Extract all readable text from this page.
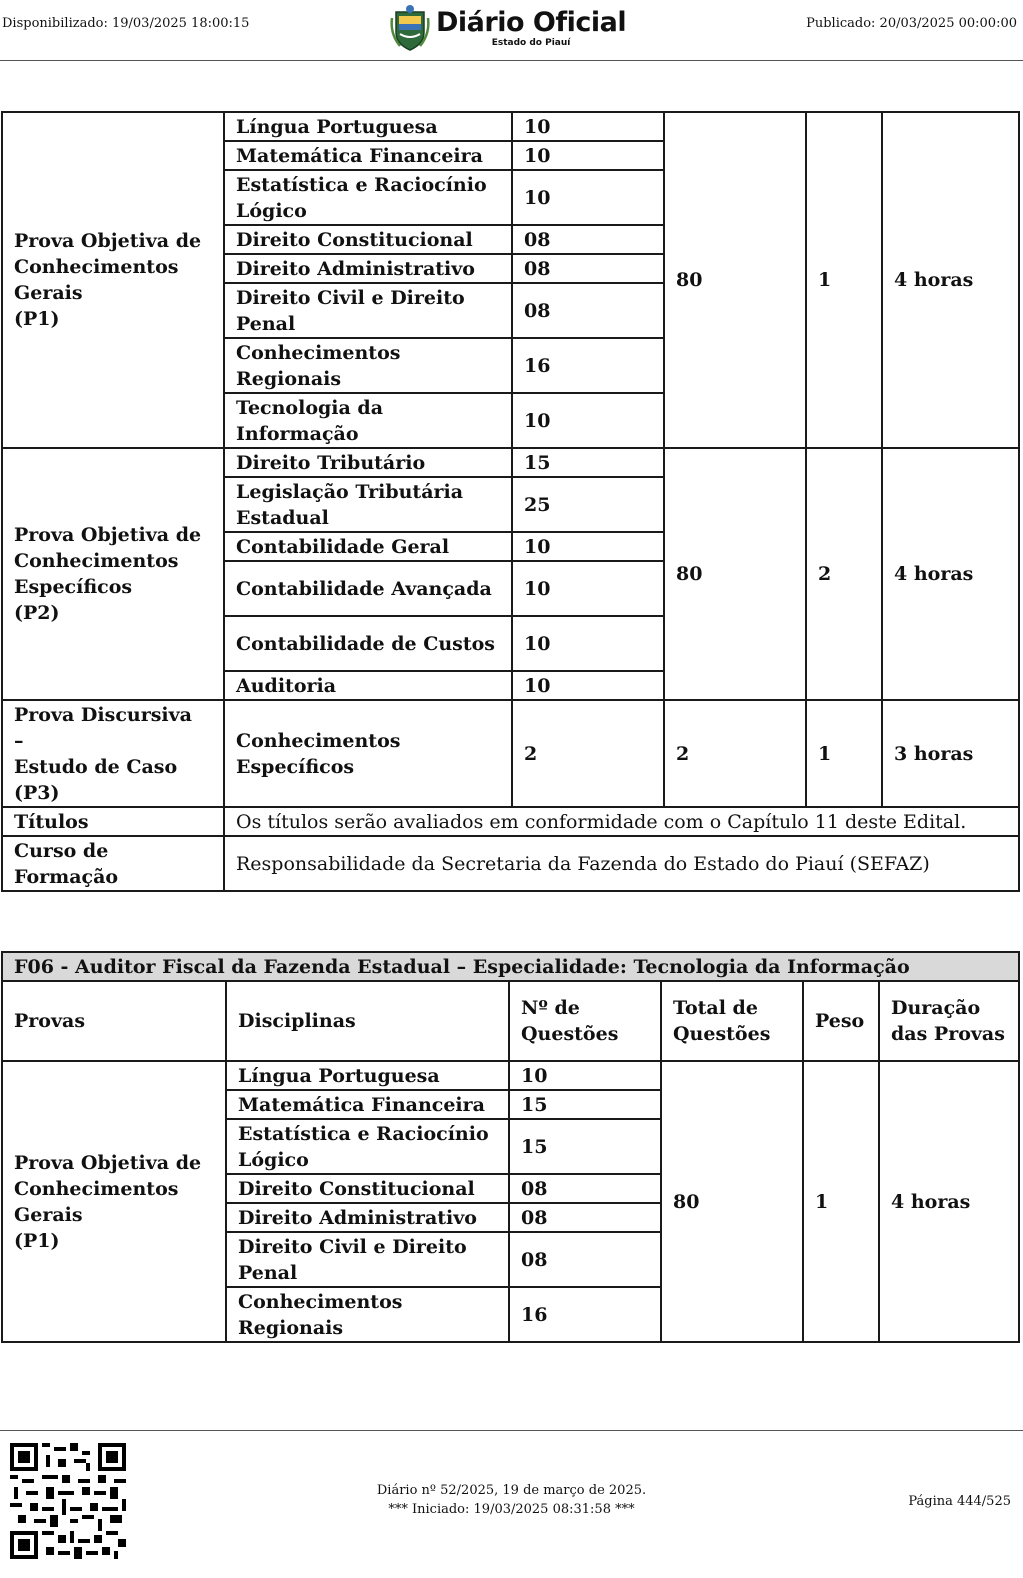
Disponibilizado: 19/03/2025 18:00:15	Diário Oficial
Estado do Piauí
Publicado: 20/03/2025 00:00:00
Prova Objetiva de
Conhecimentos
Gerais
(P1)	Língua Portuguesa	10	80	1	4 horas
	Matemática Financeira	10			
	Estatística e Raciocínio Lógico	10			
	Direito Constitucional	08			
	Direito Administrativo	08			
	Direito Civil e Direito Penal	08			
	Conhecimentos Regionais	16			
	Tecnologia da Informação	10			
Prova Objetiva de
Conhecimentos
Específicos
(P2)	Direito Tributário	15	80	2	4 horas
	Legislação Tributária Estadual	25			
	Contabilidade Geral	10			
	Contabilidade Avançada	10			
	Contabilidade de Custos	10			
	Auditoria	10			
Prova Discursiva
–
Estudo de Caso
(P3)	Conhecimentos Específicos	2	2	1	3 horas
Títulos	Os títulos serão avaliados em conformidade com o Capítulo 11 deste Edital.				
Curso de Formação	Responsabilidade da Secretaria da Fazenda do Estado do Piauí (SEFAZ)				
F06 - Auditor Fiscal da Fazenda Estadual – Especialidade: Tecnologia da Informação					
Provas	Disciplinas	Nº de Questões	Total de Questões	Peso	Duração das Provas
Prova Objetiva de
Conhecimentos
Gerais
(P1)	Língua Portuguesa	10	80	1	4 horas
	Matemática Financeira	15			
	Estatística e Raciocínio Lógico	15			
	Direito Constitucional	08			
	Direito Administrativo	08			
	Direito Civil e Direito Penal	08			
	Conhecimentos Regionais	16			
Diário nº 52/2025, 19 de março de 2025.
*** Iniciado: 19/03/2025 08:31:58 ***
Página 444/525
